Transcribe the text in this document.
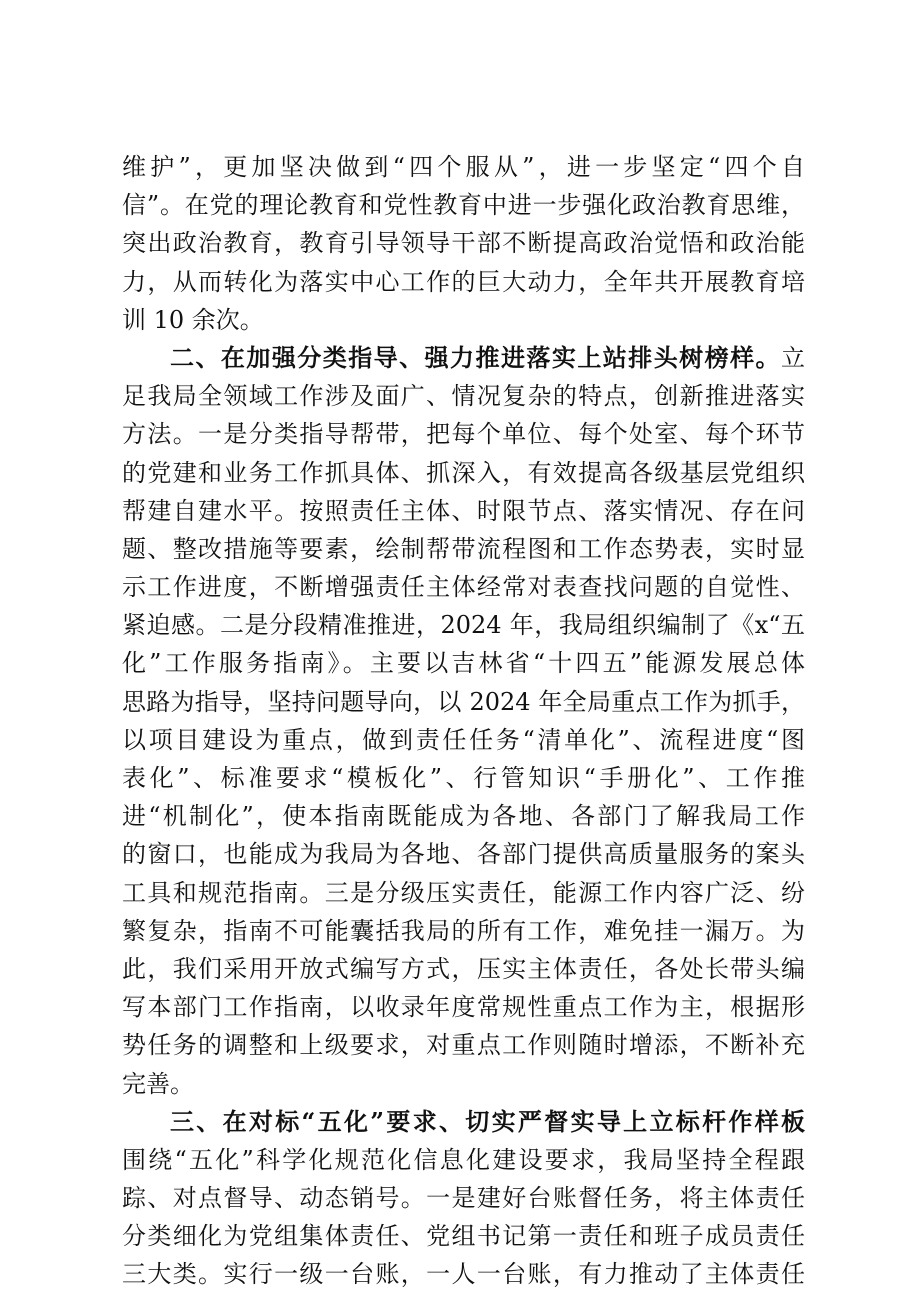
维护”，更加坚决做到“四个服从”，进一步坚定“四个自
信”。在党的理论教育和党性教育中进一步强化政治教育思维，
突出政治教育，教育引导领导干部不断提高政治觉悟和政治能
力，从而转化为落实中心工作的巨大动力，全年共开展教育培
训 10 余次。
二、在加强分类指导、强力推进落实上站排头树榜样。立
足我局全领域工作涉及面广、情况复杂的特点，创新推进落实
方法。一是分类指导帮带，把每个单位、每个处室、每个环节
的党建和业务工作抓具体、抓深入，有效提高各级基层党组织
帮建自建水平。按照责任主体、时限节点、落实情况、存在问
题、整改措施等要素，绘制帮带流程图和工作态势表，实时显
示工作进度，不断增强责任主体经常对表查找问题的自觉性、
紧迫感。二是分段精准推进，2024 年，我局组织编制了《x“五
化”工作服务指南》。主要以吉林省“十四五”能源发展总体
思路为指导，坚持问题导向，以 2024 年全局重点工作为抓手，
以项目建设为重点，做到责任任务“清单化”、流程进度“图
表化”、标准要求“模板化”、行管知识“手册化”、工作推
进“机制化”，使本指南既能成为各地、各部门了解我局工作
的窗口，也能成为我局为各地、各部门提供高质量服务的案头
工具和规范指南。三是分级压实责任，能源工作内容广泛、纷
繁复杂，指南不可能囊括我局的所有工作，难免挂一漏万。为
此，我们采用开放式编写方式，压实主体责任，各处长带头编
写本部门工作指南，以收录年度常规性重点工作为主，根据形
势任务的调整和上级要求，对重点工作则随时增添，不断补充
完善。
三、在对标“五化”要求、切实严督实导上立标杆作样板
围绕“五化”科学化规范化信息化建设要求，我局坚持全程跟
踪、对点督导、动态销号。一是建好台账督任务，将主体责任
分类细化为党组集体责任、党组书记第一责任和班子成员责任
三大类。实行一级一台账，一人一台账，有力推动了主体责任
